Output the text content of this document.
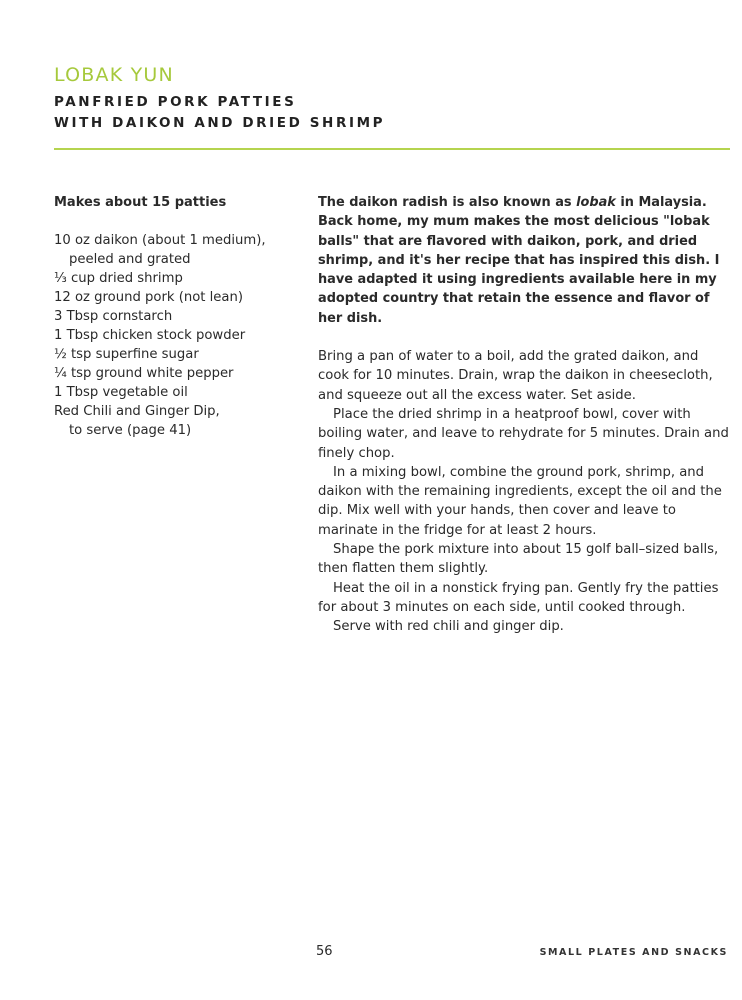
LOBAK YUN
PANFRIED PORK PATTIES
WITH DAIKON AND DRIED SHRIMP
Makes about 15 patties
10 oz daikon (about 1 medium),
peeled and grated
⅓ cup dried shrimp
12 oz ground pork (not lean)
3 Tbsp cornstarch
1 Tbsp chicken stock powder
½ tsp superfine sugar
¼ tsp ground white pepper
1 Tbsp vegetable oil
Red Chili and Ginger Dip,
to serve (page 41)

The daikon radish is also known as lobak in Malaysia. Back home, my mum makes the most delicious "lobak balls" that are flavored with daikon, pork, and dried shrimp, and it's her recipe that has inspired this dish. I have adapted it using ingredients available here in my adopted country that retain the essence and flavor of her dish.

Bring a pan of water to a boil, add the grated daikon, and cook for 10 minutes. Drain, wrap the daikon in cheesecloth, and squeeze out all the excess water. Set aside.

Place the dried shrimp in a heatproof bowl, cover with boiling water, and leave to rehydrate for 5 minutes. Drain and finely chop.

In a mixing bowl, combine the ground pork, shrimp, and daikon with the remaining ingredients, except the oil and the dip. Mix well with your hands, then cover and leave to marinate in the fridge for at least 2 hours.

Shape the pork mixture into about 15 golf ball–sized balls, then flatten them slightly.

Heat the oil in a nonstick frying pan. Gently fry the patties for about 3 minutes on each side, until cooked through.

Serve with red chili and ginger dip.

56	SMALL PLATES AND SNACKS
